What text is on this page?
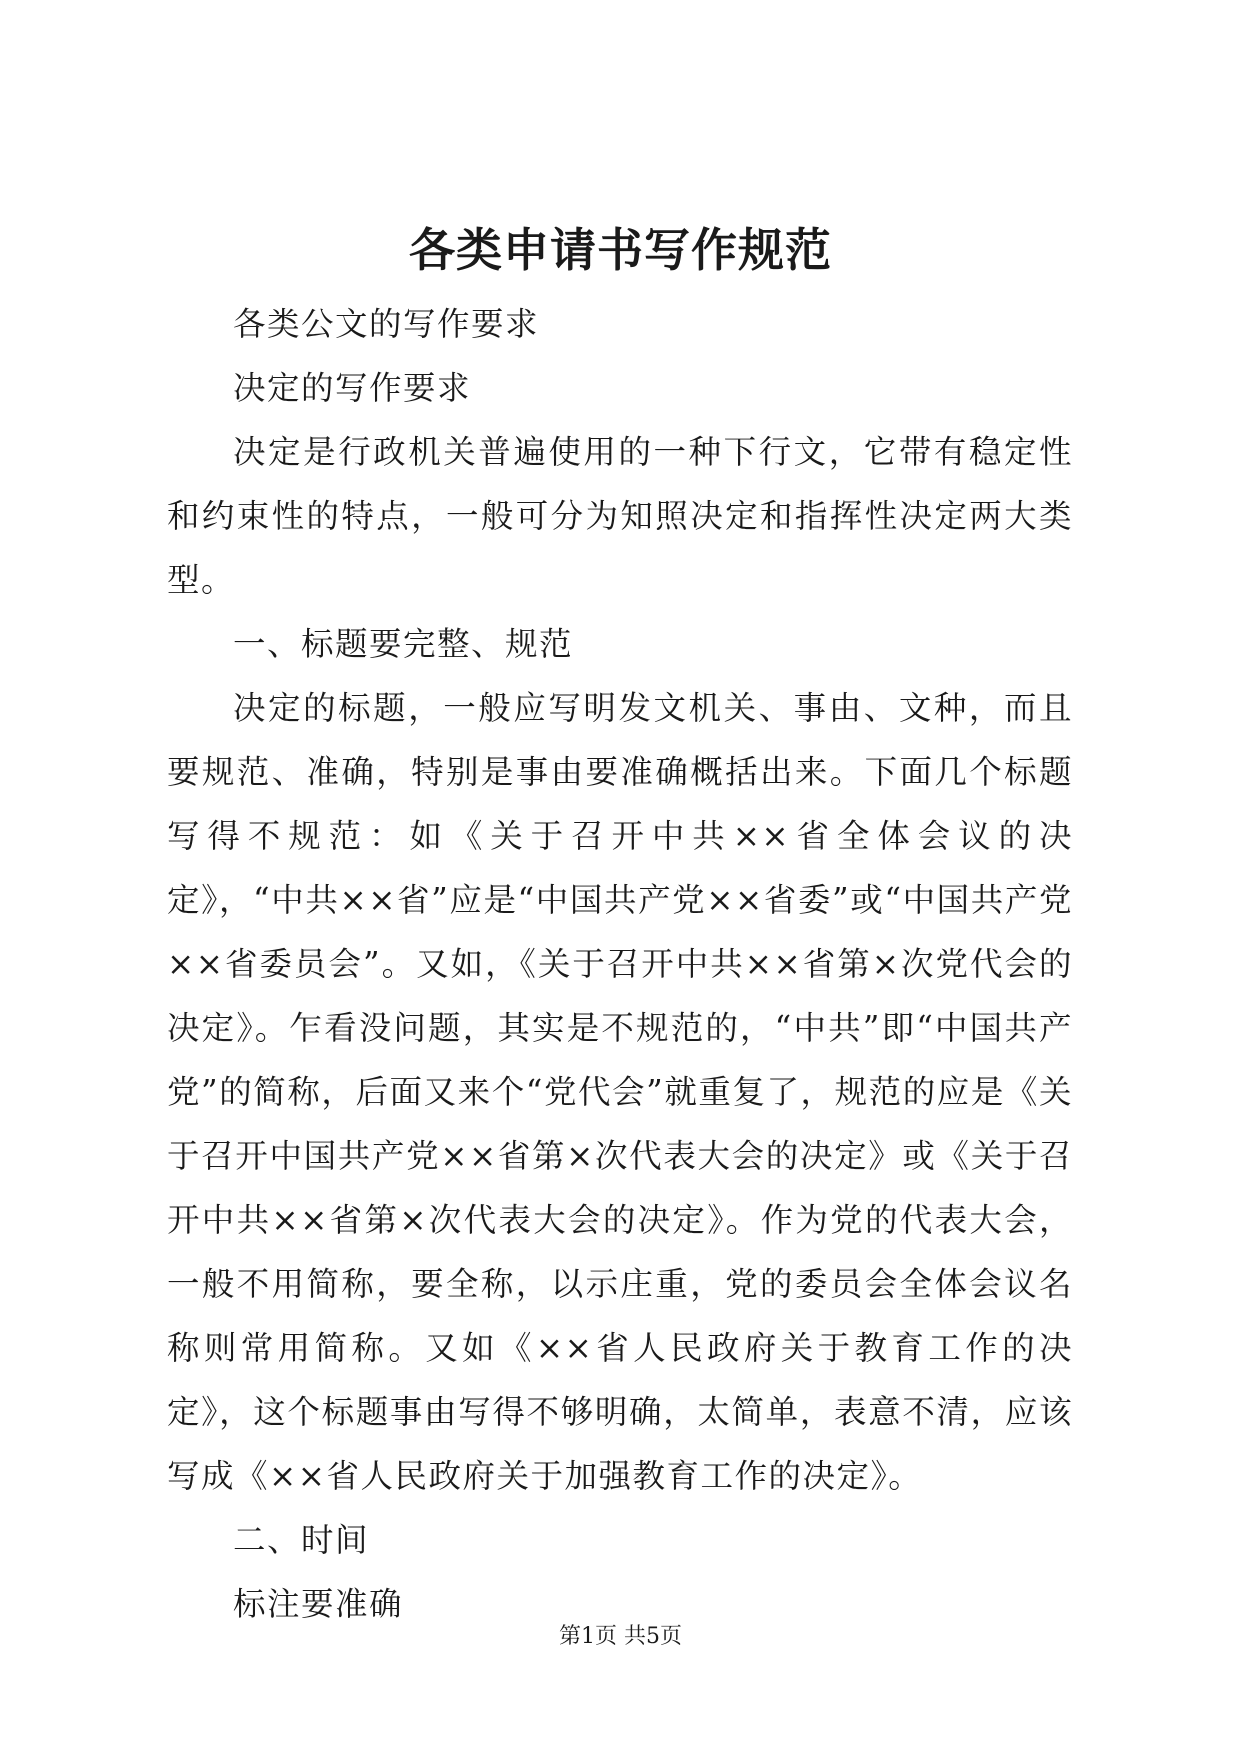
各类申请书写作规范

各类公文的写作要求

决定的写作要求

决定是行政机关普遍使用的一种下行文，它带有稳定性和约束性的特点，一般可分为知照决定和指挥性决定两大类型。

一、标题要完整、规范

决定的标题，一般应写明发文机关、事由、文种，而且要规范、准确，特别是事由要准确概括出来。下面几个标题写得不规范：如《关于召开中共××省全体会议的决定》，“中共××省”应是“中国共产党××省委”或“中国共产党××省委员会”。又如，《关于召开中共××省第×次党代会的决定》。乍看没问题，其实是不规范的，“中共”即“中国共产党”的简称，后面又来个“党代会”就重复了，规范的应是《关于召开中国共产党××省第×次代表大会的决定》或《关于召开中共××省第×次代表大会的决定》。作为党的代表大会，一般不用简称，要全称，以示庄重，党的委员会全体会议名称则常用简称。又如《××省人民政府关于教育工作的决定》，这个标题事由写得不够明确，太简单，表意不清，应该写成《××省人民政府关于加强教育工作的决定》。

二、时间

标注要准确

第1页 共5页
